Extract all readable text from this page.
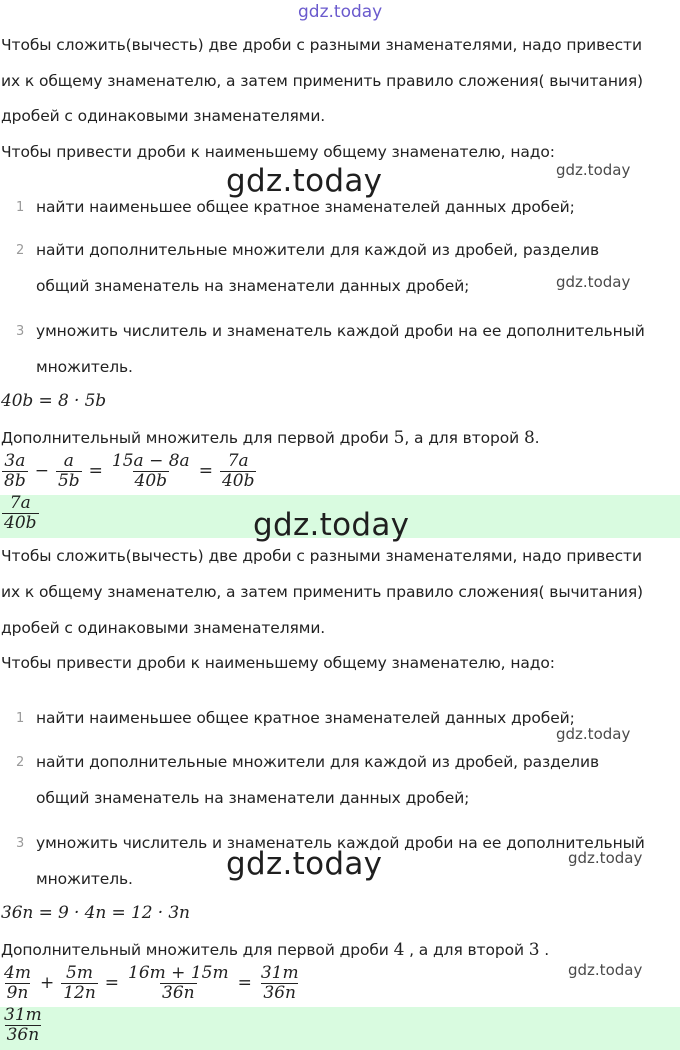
gdz.today
Чтобы сложить(вычесть) две дроби с разными знаменателями, надо привести
их к общему знаменателю, а затем применить правило сложения( вычитания)
дробей с одинаковыми знаменателями.
Чтобы привести дроби к наименьшему общему знаменателю, надо:
1 найти наименьшее общее кратное знаменателей данных дробей;
2 найти дополнительные множители для каждой из дробей, разделив
общий знаменатель на знаменатели данных дробей;
3 умножить числитель и знаменатель каждой дроби на ее дополнительный
множитель.
40b = 8 · 5b
Дополнительный множитель для первой дроби 5, а для второй 8.
$\frac{3a}{8b} - \frac{a}{5b} = \frac{15a - 8a}{40b} = \frac{7a}{40b}$
$\frac{7a}{40b}$
Чтобы сложить(вычесть) две дроби с разными знаменателями, надо привести
их к общему знаменателю, а затем применить правило сложения( вычитания)
дробей с одинаковыми знаменателями.
Чтобы привести дроби к наименьшему общему знаменателю, надо:
1 найти наименьшее общее кратное знаменателей данных дробей;
2 найти дополнительные множители для каждой из дробей, разделив
общий знаменатель на знаменатели данных дробей;
3 умножить числитель и знаменатель каждой дроби на ее дополнительный
множитель.
36n = 9 · 4n = 12 · 3n
Дополнительный множитель для первой дроби 4 , а для второй 3 .
$\frac{4m}{9n} + \frac{5m}{12n} = \frac{16m + 15m}{36n} = \frac{31m}{36n}$
$\frac{31m}{36n}$
gdz.today	gdz.today
gdz.today
gdz.today
gdz.today
gdz.today	gdz.today
gdz.today
